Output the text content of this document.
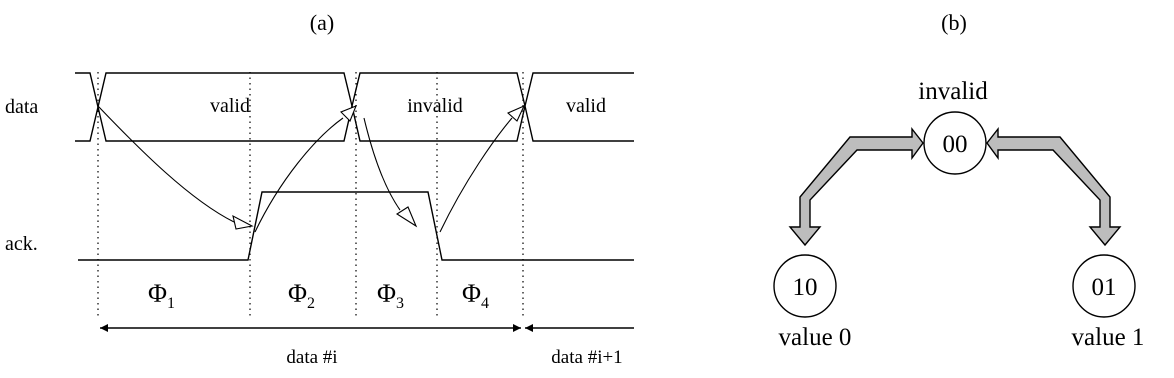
(a)
data
ack.
valid	invalid	valid
$\Phi_1$	$\Phi_2$ $\Phi_3$ $\Phi_4$
data #i	data #i+1
(b)
00
invalid
10
value 0
01
value 1
